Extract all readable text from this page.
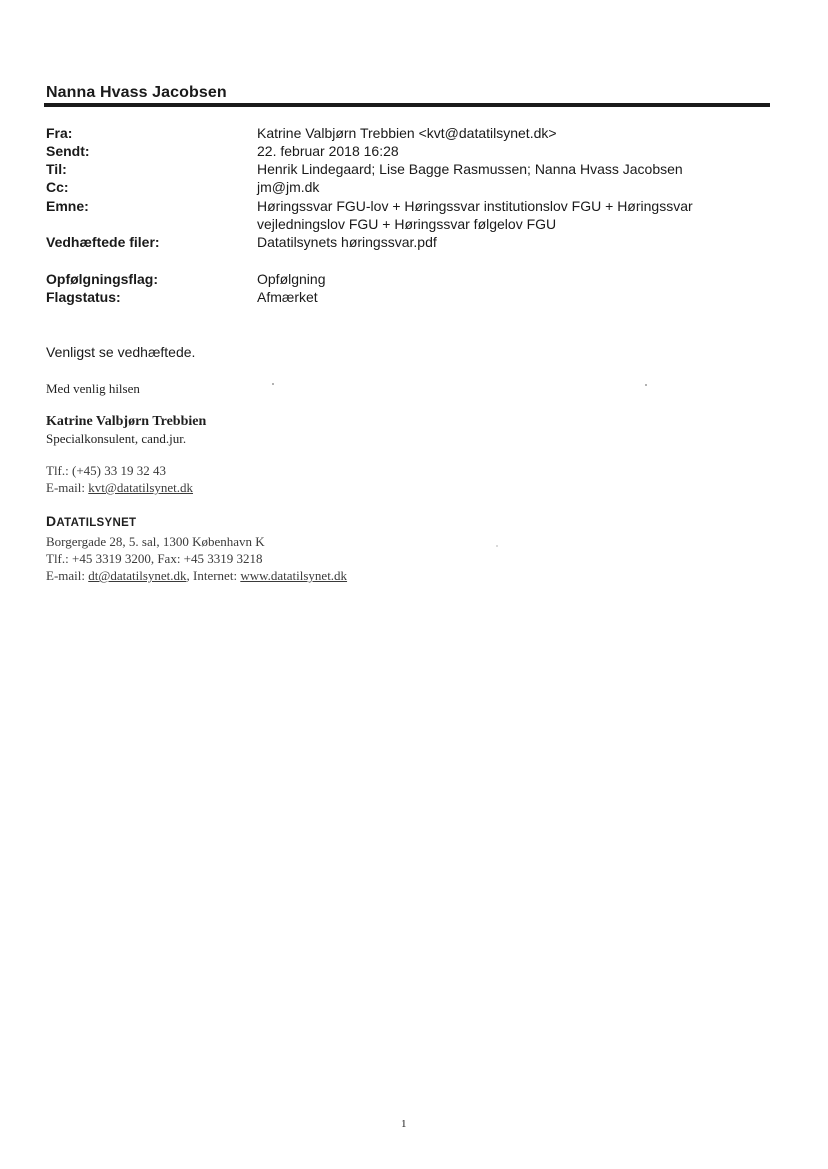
Nanna Hvass Jacobsen
Fra:	Katrine Valbjørn Trebbien <kvt@datatilsynet.dk>
Sendt:	22. februar 2018 16:28
Til:	Henrik Lindegaard; Lise Bagge Rasmussen; Nanna Hvass Jacobsen
Cc:	jm@jm.dk
Emne:	Høringssvar FGU-lov + Høringssvar institutionslov FGU + Høringssvar
vejledningslov FGU + Høringssvar følgelov FGU
Vedhæftede filer:	Datatilsynets høringssvar.pdf
Opfølgningsflag:	Opfølgning
Flagstatus:	Afmærket
Venligst se vedhæftede.
Med venlig hilsen
Katrine Valbjørn Trebbien
Specialkonsulent, cand.jur.
Tlf.: (+45) 33 19 32 43
E-mail: kvt@datatilsynet.dk
DATATILSYNET
Borgergade 28, 5. sal, 1300 København K
Tlf.: +45 3319 3200, Fax: +45 3319 3218
E-mail: dt@datatilsynet.dk, Internet: www.datatilsynet.dk
1
